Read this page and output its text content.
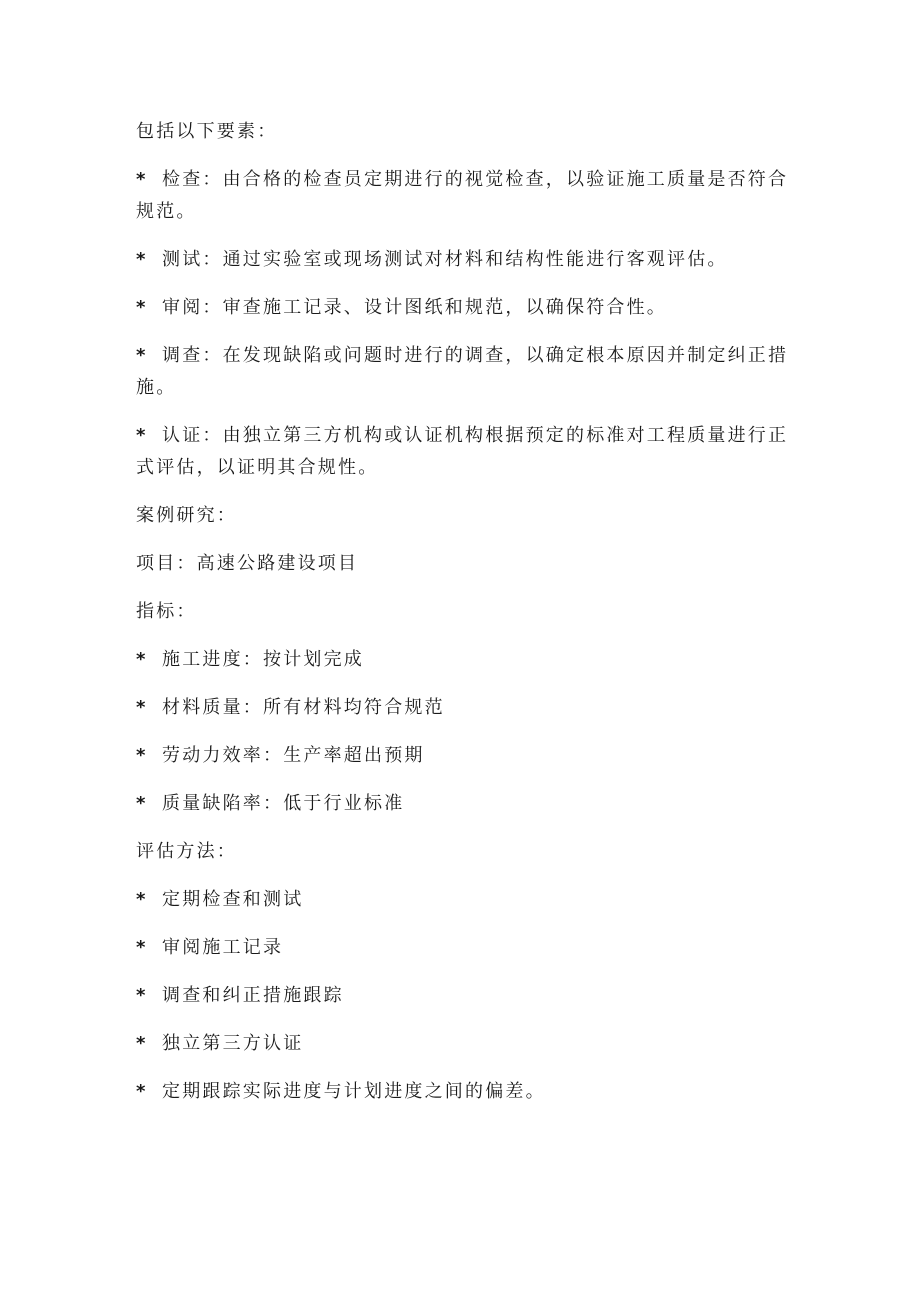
包括以下要素：

* 检查：由合格的检查员定期进行的视觉检查，以验证施工质量是否符合
规范。
* 测试：通过实验室或现场测试对材料和结构性能进行客观评估。
* 审阅：审查施工记录、设计图纸和规范，以确保符合性。
* 调查：在发现缺陷或问题时进行的调查，以确定根本原因并制定纠正措
施。
* 认证：由独立第三方机构或认证机构根据预定的标准对工程质量进行正
式评估，以证明其合规性。

案例研究：

项目：高速公路建设项目

指标：

* 施工进度：按计划完成
* 材料质量：所有材料均符合规范
* 劳动力效率：生产率超出预期
* 质量缺陷率：低于行业标准

评估方法：

* 定期检查和测试
* 审阅施工记录
* 调查和纠正措施跟踪
* 独立第三方认证
* 定期跟踪实际进度与计划进度之间的偏差。
